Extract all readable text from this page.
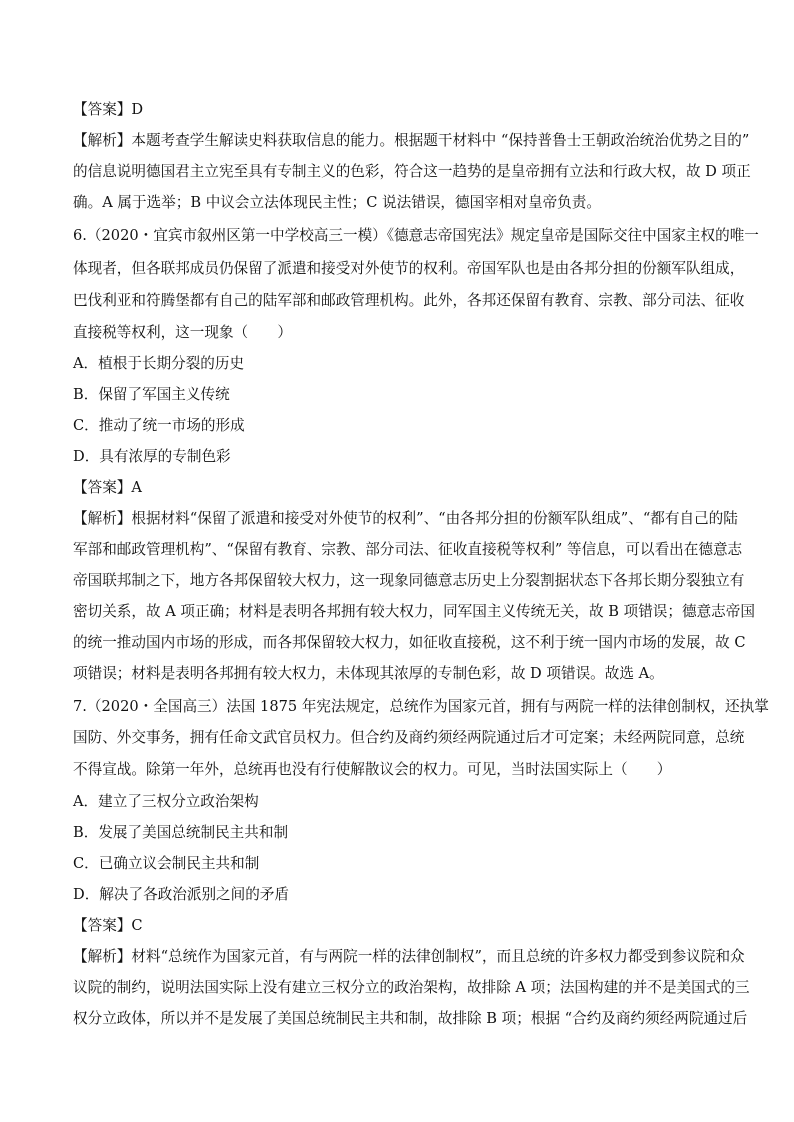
【答案】D
【解析】本题考查学生解读史料获取信息的能力。根据题干材料中 “保持普鲁士王朝政治统治优势之目的”
的信息说明德国君主立宪至具有专制主义的色彩，符合这一趋势的是皇帝拥有立法和行政大权，故 D 项正
确。A 属于选举；B 中议会立法体现民主性；C 说法错误，德国宰相对皇帝负责。
6.（2020・宜宾市叙州区第一中学校高三一模）《德意志帝国宪法》规定皇帝是国际交往中国家主权的唯一
体现者，但各联邦成员仍保留了派遣和接受对外使节的权利。帝国军队也是由各邦分担的份额军队组成，
巴伐利亚和符腾堡都有自己的陆军部和邮政管理机构。此外，各邦还保留有教育、宗教、部分司法、征收
直接税等权利，这一现象（　　）
A．植根于长期分裂的历史
B．保留了军国主义传统
C．推动了统一市场的形成
D．具有浓厚的专制色彩
【答案】A
【解析】根据材料“保留了派遣和接受对外使节的权利”、“由各邦分担的份额军队组成”、“都有自己的陆
军部和邮政管理机构”、“保留有教育、宗教、部分司法、征收直接税等权利” 等信息，可以看出在德意志
帝国联邦制之下，地方各邦保留较大权力，这一现象同德意志历史上分裂割据状态下各邦长期分裂独立有
密切关系，故 A 项正确；材料是表明各邦拥有较大权力，同军国主义传统无关，故 B 项错误；德意志帝国
的统一推动国内市场的形成，而各邦保留较大权力，如征收直接税，这不利于统一国内市场的发展，故 C
项错误；材料是表明各邦拥有较大权力，未体现其浓厚的专制色彩，故 D 项错误。故选 A。
7.（2020・全国高三）法国 1875 年宪法规定，总统作为国家元首，拥有与两院一样的法律创制权，还执掌
国防、外交事务，拥有任命文武官员权力。但合约及商约须经两院通过后才可定案；未经两院同意，总统
不得宣战。除第一年外，总统再也没有行使解散议会的权力。可见，当时法国实际上（　　）
A．建立了三权分立政治架构
B．发展了美国总统制民主共和制
C．已确立议会制民主共和制
D．解决了各政治派别之间的矛盾
【答案】C
【解析】材料“总统作为国家元首，有与两院一样的法律创制权”，而且总统的许多权力都受到参议院和众
议院的制约，说明法国实际上没有建立三权分立的政治架构，故排除 A 项；法国构建的并不是美国式的三
权分立政体，所以并不是发展了美国总统制民主共和制，故排除 B 项；根据 “合约及商约须经两院通过后
